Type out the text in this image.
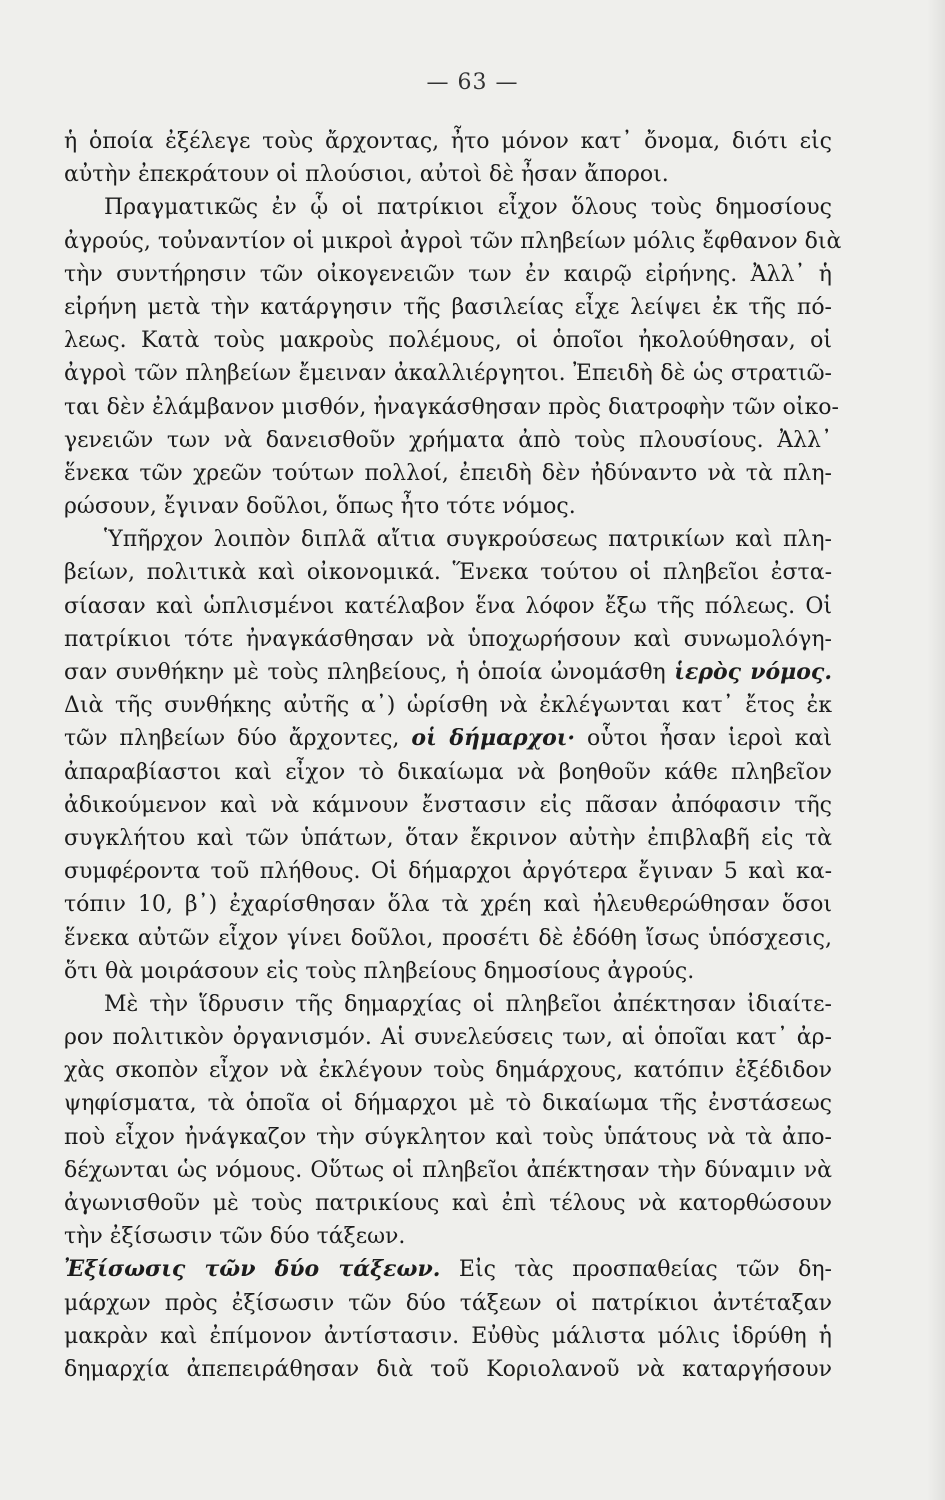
— 63 —
ἡ ὁποία ἐξέλεγε τοὺς ἄρχοντας, ἦτο μόνον κατ᾿ ὄνομα, διότι εἰς
αὐτὴν ἐπεκράτουν οἱ πλούσιοι, αὐτοὶ δὲ ἦσαν ἄποροι.
Πραγματικῶς ἐν ᾧ οἱ πατρίκιοι εἶχον ὅλους τοὺς δημοσίους
ἀγρούς, τοὐναντίον οἱ μικροὶ ἀγροὶ τῶν πληβείων μόλις ἔφθανον διὰ
τὴν συντήρησιν τῶν οἰκογενειῶν των ἐν καιρῷ εἰρήνης. Ἀλλ᾿ ἡ
εἰρήνη μετὰ τὴν κατάργησιν τῆς βασιλείας εἶχε λείψει ἐκ τῆς πό-
λεως. Κατὰ τοὺς μακροὺς πολέμους, οἱ ὁποῖοι ἠκολούθησαν, οἱ
ἀγροὶ τῶν πληβείων ἔμειναν ἀκαλλιέργητοι. Ἐπειδὴ δὲ ὡς στρατιῶ-
ται δὲν ἐλάμβανον μισθόν, ἠναγκάσθησαν πρὸς διατροφὴν τῶν οἰκο-
γενειῶν των νὰ δανεισθοῦν χρήματα ἀπὸ τοὺς πλουσίους. Ἀλλ᾿
ἕνεκα τῶν χρεῶν τούτων πολλοί, ἐπειδὴ δὲν ἠδύναντο νὰ τὰ πλη-
ρώσουν, ἔγιναν δοῦλοι, ὅπως ἦτο τότε νόμος.
Ὑπῆρχον λοιπὸν διπλᾶ αἴτια συγκρούσεως πατρικίων καὶ πλη-
βείων, πολιτικὰ καὶ οἰκονομικά. Ἕνεκα τούτου οἱ πληβεῖοι ἐστα-
σίασαν καὶ ὡπλισμένοι κατέλαβον ἕνα λόφον ἔξω τῆς πόλεως. Οἱ
πατρίκιοι τότε ἠναγκάσθησαν νὰ ὑποχωρήσουν καὶ συνωμολόγη-
σαν συνθήκην μὲ τοὺς πληβείους, ἡ ὁποία ὠνομάσθη ἱερὸς νόμος.
Διὰ τῆς συνθήκης αὐτῆς α᾿) ὡρίσθη νὰ ἐκλέγωνται κατ᾿ ἔτος ἐκ
τῶν πληβείων δύο ἄρχοντες, οἱ δήμαρχοι· οὗτοι ἦσαν ἱεροὶ καὶ
ἀπαραβίαστοι καὶ εἶχον τὸ δικαίωμα νὰ βοηθοῦν κάθε πληβεῖον
ἀδικούμενον καὶ νὰ κάμνουν ἔνστασιν εἰς πᾶσαν ἀπόφασιν τῆς
συγκλήτου καὶ τῶν ὑπάτων, ὅταν ἔκρινον αὐτὴν ἐπιβλαβῆ εἰς τὰ
συμφέροντα τοῦ πλήθους. Οἱ δήμαρχοι ἀργότερα ἔγιναν 5 καὶ κα-
τόπιν 10, β᾿) ἐχαρίσθησαν ὅλα τὰ χρέη καὶ ἠλευθερώθησαν ὅσοι
ἕνεκα αὐτῶν εἶχον γίνει δοῦλοι, προσέτι δὲ ἐδόθη ἴσως ὑπόσχεσις,
ὅτι θὰ μοιράσουν εἰς τοὺς πληβείους δημοσίους ἀγρούς.
Μὲ τὴν ἵδρυσιν τῆς δημαρχίας οἱ πληβεῖοι ἀπέκτησαν ἰδιαίτε-
ρον πολιτικὸν ὀργανισμόν. Αἱ συνελεύσεις των, αἱ ὁποῖαι κατ᾿ ἀρ-
χὰς σκοπὸν εἶχον νὰ ἐκλέγουν τοὺς δημάρχους, κατόπιν ἐξέδιδον
ψηφίσματα, τὰ ὁποῖα οἱ δήμαρχοι μὲ τὸ δικαίωμα τῆς ἐνστάσεως
ποὺ εἶχον ἠνάγκαζον τὴν σύγκλητον καὶ τοὺς ὑπάτους νὰ τὰ ἀπο-
δέχωνται ὡς νόμους. Οὕτως οἱ πληβεῖοι ἀπέκτησαν τὴν δύναμιν νὰ
ἀγωνισθοῦν μὲ τοὺς πατρικίους καὶ ἐπὶ τέλους νὰ κατορθώσουν
τὴν ἐξίσωσιν τῶν δύο τάξεων.
Ἐξίσωσις τῶν δύο τάξεων. Εἰς τὰς προσπαθείας τῶν δη-
μάρχων πρὸς ἐξίσωσιν τῶν δύο τάξεων οἱ πατρίκιοι ἀντέταξαν
μακρὰν καὶ ἐπίμονον ἀντίστασιν. Εὐθὺς μάλιστα μόλις ἱδρύθη ἡ
δημαρχία ἀπεπειράθησαν διὰ τοῦ Κοριολανοῦ νὰ καταργήσουν
